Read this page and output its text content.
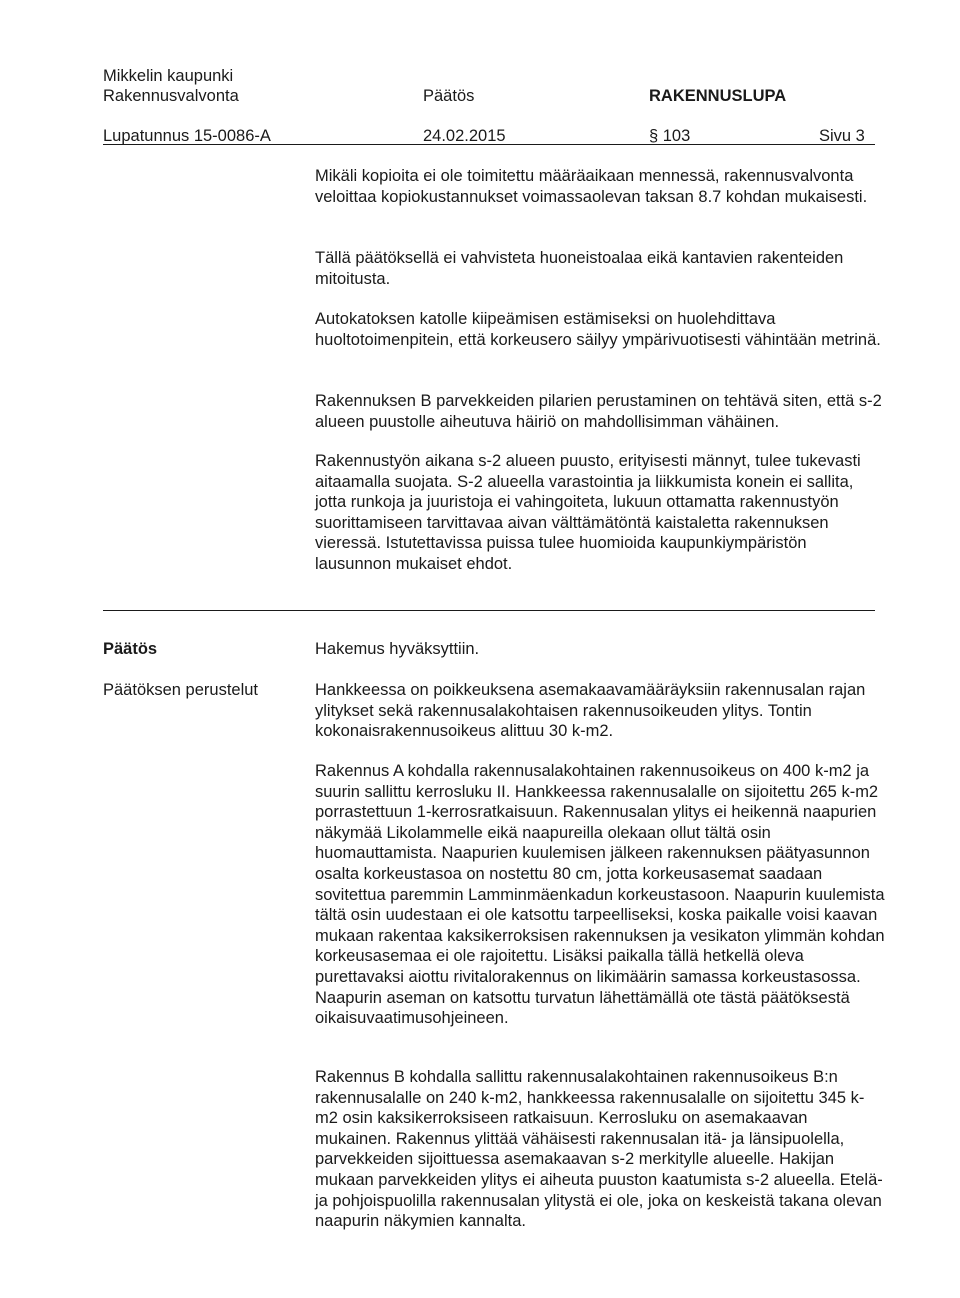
Mikkelin kaupunki
Rakennusvalvonta	Päätös	RAKENNUSLUPA
Lupatunnus 15-0086-A	24.02.2015	§ 103	Sivu 3

Mikäli kopioita ei ole toimitettu määräaikaan mennessä, rakennusvalvonta veloittaa kopiokustannukset voimassaolevan taksan 8.7 kohdan mukaisesti.

Tällä päätöksellä ei vahvisteta huoneistoalaa eikä kantavien rakenteiden mitoitusta.

Autokatoksen katolle kiipeämisen estämiseksi on huolehdittava huoltotoimenpitein, että korkeusero säilyy ympärivuotisesti vähintään metrinä.

Rakennuksen B parvekkeiden pilarien perustaminen on tehtävä siten, että s-2 alueen puustolle aiheutuva häiriö on mahdollisimman vähäinen.

Rakennustyön aikana s-2 alueen puusto, erityisesti männyt, tulee tukevasti aitaamalla suojata. S-2 alueella varastointia ja liikkumista konein ei sallita, jotta runkoja ja juuristoja ei vahingoiteta, lukuun ottamatta rakennustyön suorittamiseen tarvittavaa aivan välttämätöntä kaistaletta rakennuksen vieressä. Istutettavissa puissa tulee huomioida kaupunkiympäristön lausunnon mukaiset ehdot.

Päätös	Hakemus hyväksyttiin.

Päätöksen perustelut	Hankkeessa on poikkeuksena asemakaavamääräyksiin rakennusalan rajan ylitykset sekä rakennusalakohtaisen rakennusoikeuden ylitys. Tontin kokonaisrakennusoikeus alittuu 30 k-m2.

Rakennus A kohdalla rakennusalakohtainen rakennusoikeus on 400 k-m2 ja suurin sallittu kerrosluku II. Hankkeessa rakennusalalle on sijoitettu 265 k-m2 porrastettuun 1-kerrosratkaisuun. Rakennusalan ylitys ei heikennä naapurien näkymää Likolammelle eikä naapureilla olekaan ollut tältä osin huomauttamista. Naapurien kuulemisen jälkeen rakennuksen päätyasunnon osalta korkeustasoa on nostettu 80 cm, jotta korkeusasemat saadaan sovitettua paremmin Lamminmäenkadun korkeustasoon. Naapurin kuulemista tältä osin uudestaan ei ole katsottu tarpeelliseksi, koska paikalle voisi kaavan mukaan rakentaa kaksikerroksisen rakennuksen ja vesikaton ylimmän kohdan korkeusasemaa ei ole rajoitettu. Lisäksi paikalla tällä hetkellä oleva purettavaksi aiottu rivitalorakennus on likimäärin samassa korkeustasossa. Naapurin aseman on katsottu turvatun lähettämällä ote tästä päätöksestä oikaisuvaatimusohjeineen.

Rakennus B kohdalla sallittu rakennusalakohtainen rakennusoikeus B:n rakennusalalle on 240 k-m2, hankkeessa rakennusalalle on sijoitettu 345 k-m2 osin kaksikerroksiseen ratkaisuun. Kerrosluku on asemakaavan mukainen. Rakennus ylittää vähäisesti rakennusalan itä- ja länsipuolella, parvekkeiden sijoittuessa asemakaavan s-2 merkitylle alueelle. Hakijan mukaan parvekkeiden ylitys ei aiheuta puuston kaatumista s-2 alueella. Etelä- ja pohjoispuolilla rakennusalan ylitystä ei ole, joka on keskeistä takana olevan naapurin näkymien kannalta.
